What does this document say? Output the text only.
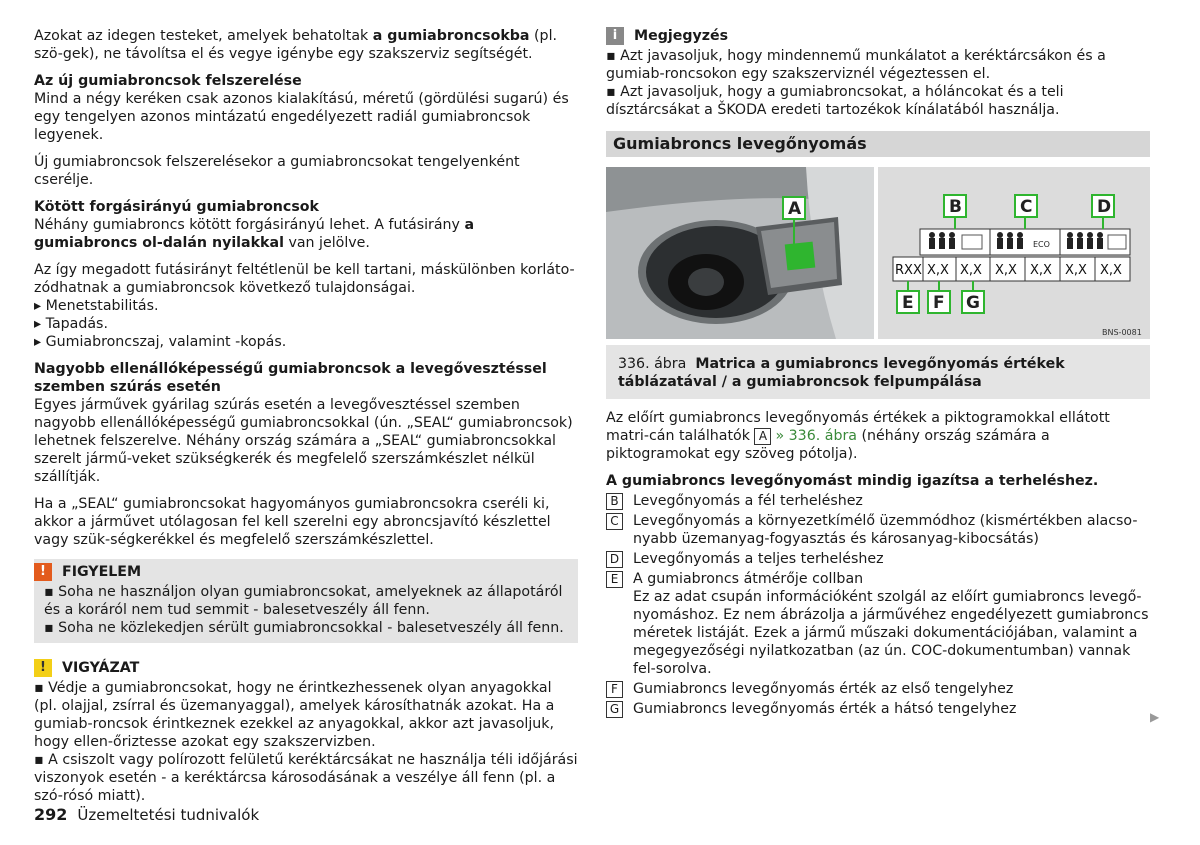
Azokat az idegen testeket, amelyek behatoltak a gumiabroncsokba (pl. szö-gek), ne távolítsa el és vegye igénybe egy szakszerviz segítségét.

Az új gumiabroncsok felszerelése

Mind a négy keréken csak azonos kialakítású, méretű (gördülési sugarú) és egy tengelyen azonos mintázatú engedélyezett radiál gumiabroncsok legyenek.

Új gumiabroncsok felszerelésekor a gumiabroncsokat tengelyenként cserélje.

Kötött forgásirányú gumiabroncsok

Néhány gumiabroncs kötött forgásirányú lehet. A futásirány a gumiabroncs ol-dalán nyilakkal van jelölve.

Az így megadott futásirányt feltétlenül be kell tartani, máskülönben korláto-zódhatnak a gumiabroncsok következő tulajdonságai.
▸ Menetstabilitás.
▸ Tapadás.

▸ Gumiabroncszaj, valamint -kopás.

Nagyobb ellenállóképességű gumiabroncsok a levegővesztéssel szemben szúrás esetén

Egyes járművek gyárilag szúrás esetén a levegővesztéssel szemben nagyobb ellenállóképességű gumiabroncsokkal (ún. „SEAL“ gumiabroncsok) lehetnek felszerelve. Néhány ország számára a „SEAL“ gumiabroncsokkal szerelt jármű-veket szükségkerék és megfelelő szerszámkészlet nélkül szállítják.

Ha a „SEAL“ gumiabroncsokat hagyományos gumiabroncsokra cseréli ki, akkor a járművet utólagosan fel kell szerelni egy abroncsjavító készlettel vagy szük-ségkerékkel és megfelelő szerszámkészlettel.

!	FIGYELEM
▪ Soha ne használjon olyan gumiabroncsokat, amelyeknek az állapotáról és a koráról nem tud semmit - balesetveszély áll fenn.
▪ Soha ne közlekedjen sérült gumiabroncsokkal - balesetveszély áll fenn.
!	VIGYÁZAT
▪ Védje a gumiabroncsokat, hogy ne érintkezhessenek olyan anyagokkal (pl. olajjal, zsírral és üzemanyaggal), amelyek károsíthatnák azokat. Ha a gumiab-roncsok érintkeznek ezekkel az anyagokkal, akkor azt javasoljuk, hogy ellen-őriztesse azokat egy szakszervizben.
▪ A csiszolt vagy polírozott felületű keréktárcsákat ne használja téli időjárási viszonyok esetén - a keréktárcsa károsodásának a veszélye áll fenn (pl. a szó-rósó miatt).
i	Megjegyzés
▪ Azt javasoljuk, hogy mindennemű munkálatot a keréktárcsákon és a gumiab-roncsokon egy szakszerviznél végeztessen el.
▪ Azt javasoljuk, hogy a gumiabroncsokat, a hóláncokat és a teli dísztárcsákat a ŠKODA eredeti tartozékok kínálatából használja.
Gumiabroncs levegőnyomás
ECO
RXX X,X X,X X,X X,X X,X X,X
B	C	D
E F G
BNS-0081
A
336. ábra Matrica a gumiabroncs levegőnyomás értékek táblázatával / a gumiabroncsok felpumpálása

Az előírt gumiabroncs levegőnyomás értékek a piktogramokkal ellátott matri-cán találhatók A » 336. ábra (néhány ország számára a piktogramokat egy szöveg pótolja).

A gumiabroncs levegőnyomást mindig igazítsa a terheléshez.
B	Levegőnyomás a fél terheléshez
C	Levegőnyomás a környezetkímélő üzemmódhoz (kismértékben alacso-nyabb üzemanyag-fogyasztás és károsanyag-kibocsátás)
D Levegőnyomás a teljes terheléshez
E	A gumiabroncs átmérője collban
Ez az adat csupán információként szolgál az előírt gumiabroncs levegő-nyomáshoz. Ez nem ábrázolja a járművéhez engedélyezett gumiabroncs méretek listáját. Ezek a jármű műszaki dokumentációjában, valamint a megegyezőségi nyilatkozatban (az ún. COC-dokumentumban) vannak fel-sorolva.
F	Gumiabroncs levegőnyomás érték az első tengelyhez
G Gumiabroncs levegőnyomás érték a hátsó tengelyhez	▶
292 Üzemeltetési tudnivalók
